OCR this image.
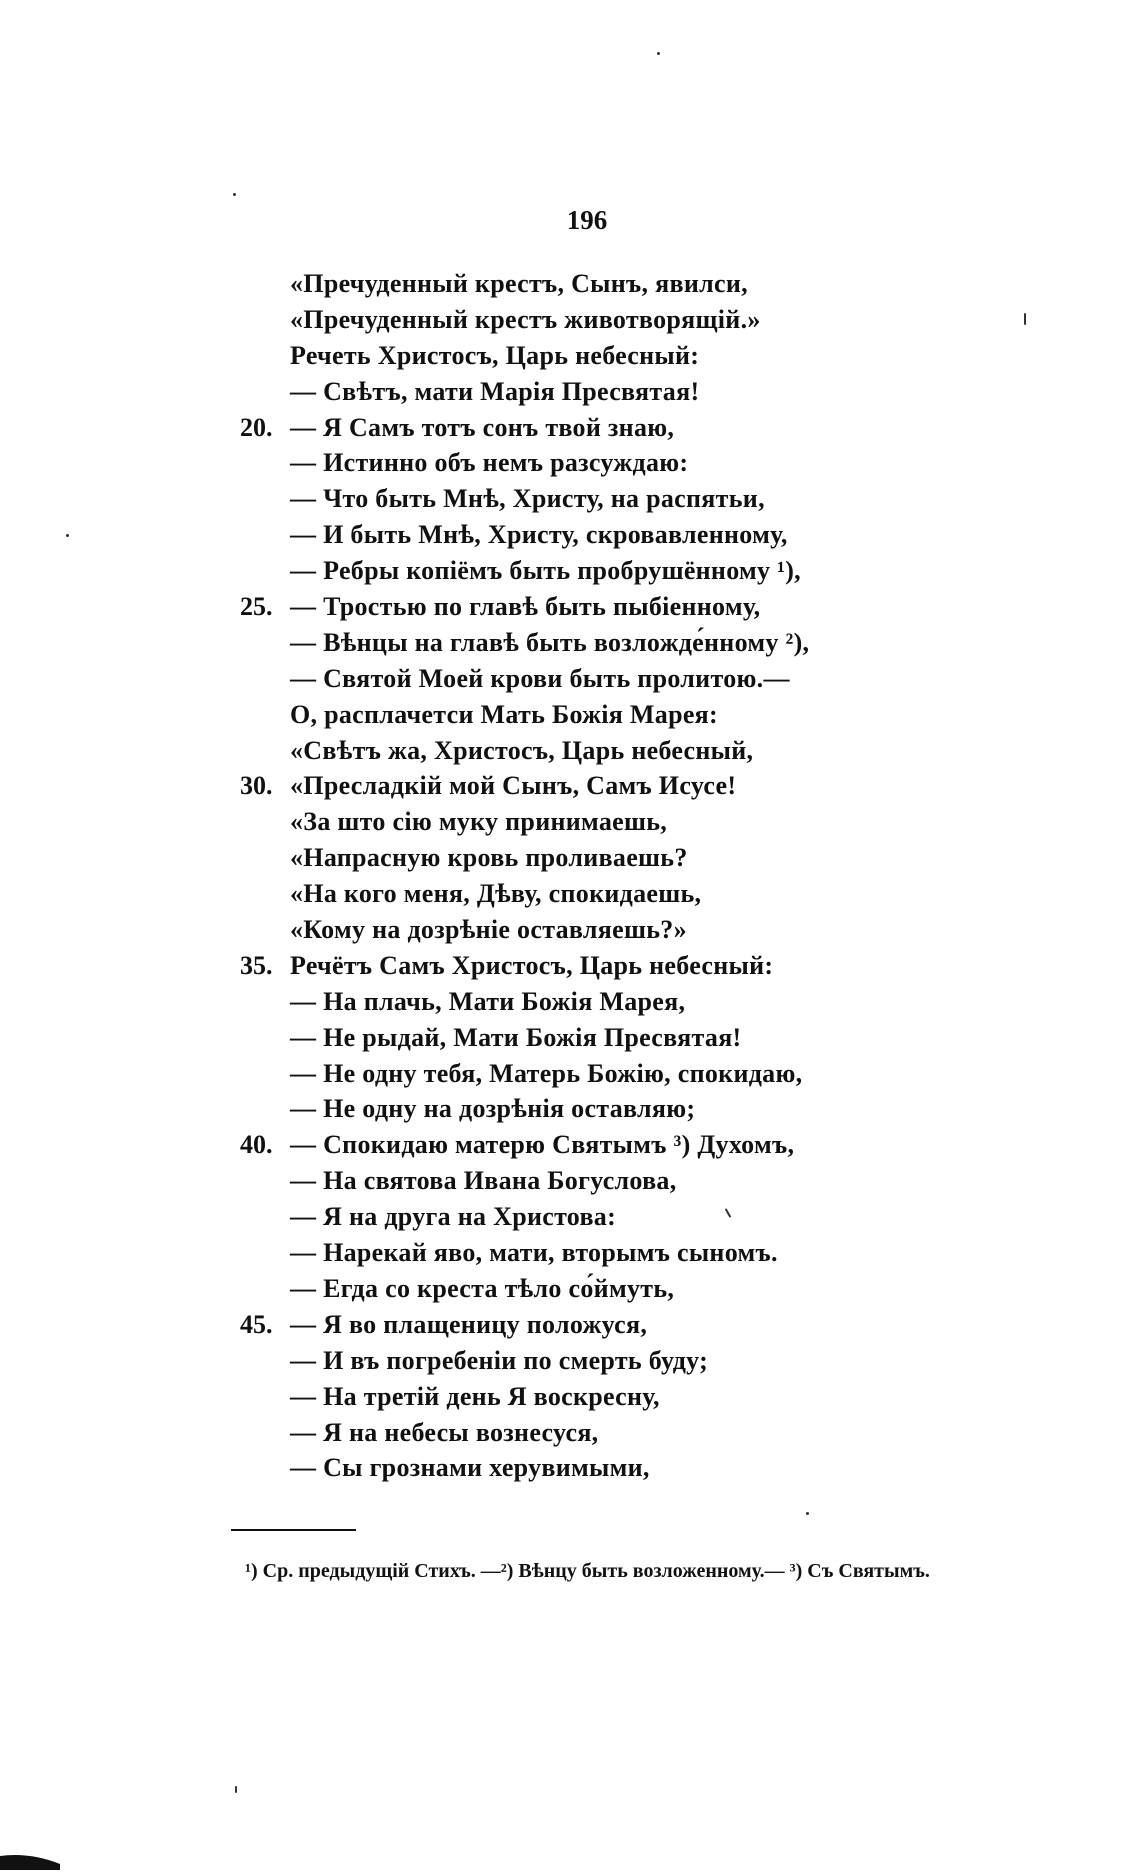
196
«Пречуденный крестъ, Сынъ, явилси,
«Пречуденный крестъ животворящій.»
Речеть Христосъ, Царь небесный:
— Свѣтъ, мати Марія Пресвятая!
20. — Я Самъ тотъ сонъ твой знаю,
— Истинно объ немъ разсуждаю:
— Что быть Мнѣ, Христу, на распятьи,
— И быть Мнѣ, Христу, скровавленному,
— Ребры копіёмъ быть пробрушённому ¹),
25. — Тростью по главѣ быть пыбіенному,
— Вѣнцы на главѣ быть возложде́нному ²),
— Святой Моей крови быть пролитою.—
О, расплачетси Мать Божія Марея:
«Свѣтъ жа, Христосъ, Царь небесный,
30. «Пресладкій мой Сынъ, Самъ Исусе!
«За што сію муку принимаешь,
«Напрасную кровь проливаешь?
«На кого меня, Дѣву, спокидаешь,
«Кому на дозрѣніе оставляешь?»
35. Речётъ Самъ Христосъ, Царь небесный:
— На плачь, Мати Божія Марея,
— Не рыдай, Мати Божія Пресвятая!
— Не одну тебя, Матерь Божію, спокидаю,
— Не одну на дозрѣнія оставляю;
40. — Спокидаю матерю Святымъ ³) Духомъ,
— На святова Ивана Богуслова,
— Я на друга на Христова:
— Нарекай яво, мати, вторымъ сыномъ.
— Егда со креста тѣло со́ймуть,
45. — Я во плащеницу положуся,
— И въ погребеніи по смерть буду;
— На третій день Я воскресну,
— Я на небесы вознесуся,
— Сы грознами херувимыми,
¹) Ср. предыдущій Стихъ. —²) Вѣнцу быть возложенному.— ³) Съ Святымъ.
